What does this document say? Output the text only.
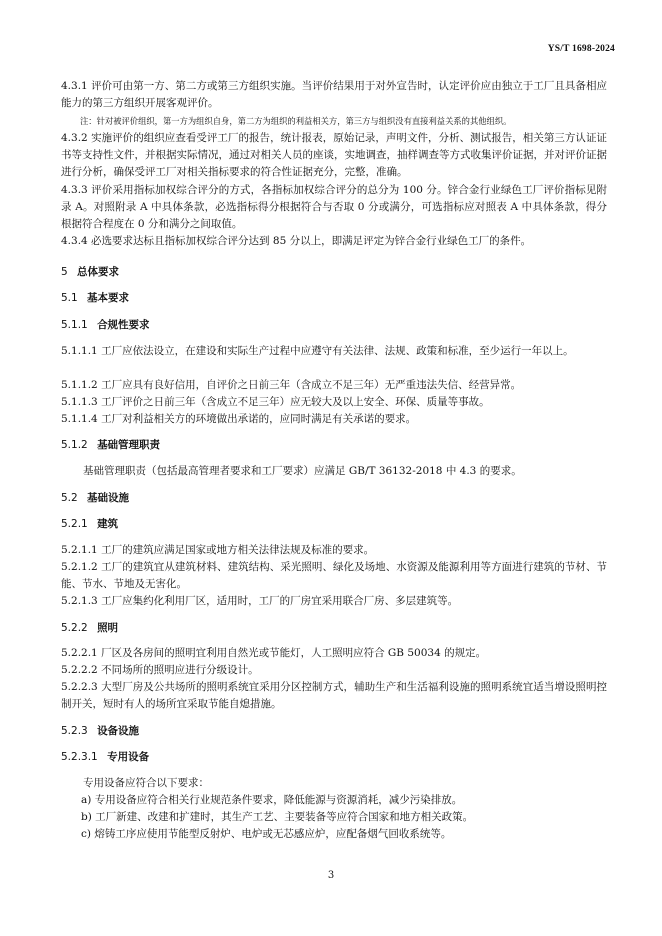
YS/T 1698-2024
4.3.1 评价可由第一方、第二方或第三方组织实施。当评价结果用于对外宣告时，认定评价应由独立于工厂且具备相应能力的第三方组织开展客观评价。
注：针对被评价组织，第一方为组织自身，第二方为组织的利益相关方，第三方与组织没有直接利益关系的其他组织。
4.3.2 实施评价的组织应查看受评工厂的报告，统计报表，原始记录，声明文件，分析、测试报告，相关第三方认证证书等支持性文件，并根据实际情况，通过对相关人员的座谈，实地调查，抽样调查等方式收集评价证据，并对评价证据进行分析，确保受评工厂对相关指标要求的符合性证据充分，完整，准确。
4.3.3 评价采用指标加权综合评分的方式，各指标加权综合评分的总分为 100 分。锌合金行业绿色工厂评价指标见附录 A。对照附录 A 中具体条款，必选指标得分根据符合与否取 0 分或满分，可选指标应对照表 A 中具体条款，得分根据符合程度在 0 分和满分之间取值。
4.3.4 必选要求达标且指标加权综合评分达到 85 分以上，即满足评定为锌合金行业绿色工厂的条件。
5 总体要求
5.1 基本要求
5.1.1 合规性要求
5.1.1.1 工厂应依法设立，在建设和实际生产过程中应遵守有关法律、法规、政策和标准，至少运行一年以上。
5.1.1.2 工厂应具有良好信用，自评价之日前三年（含成立不足三年）无严重违法失信、经营异常。
5.1.1.3 工厂评价之日前三年（含成立不足三年）应无较大及以上安全、环保、质量等事故。
5.1.1.4 工厂对利益相关方的环境做出承诺的，应同时满足有关承诺的要求。
5.1.2 基础管理职责
基础管理职责（包括最高管理者要求和工厂要求）应满足 GB/T 36132-2018 中 4.3 的要求。
5.2 基础设施
5.2.1 建筑
5.2.1.1 工厂的建筑应满足国家或地方相关法律法规及标准的要求。
5.2.1.2 工厂的建筑宜从建筑材料、建筑结构、采光照明、绿化及场地、水资源及能源利用等方面进行建筑的节材、节能、节水、节地及无害化。
5.2.1.3 工厂应集约化利用厂区，适用时，工厂的厂房宜采用联合厂房、多层建筑等。
5.2.2 照明
5.2.2.1 厂区及各房间的照明宜利用自然光或节能灯，人工照明应符合 GB 50034 的规定。
5.2.2.2 不同场所的照明应进行分级设计。
5.2.2.3 大型厂房及公共场所的照明系统宜采用分区控制方式，辅助生产和生活福利设施的照明系统宜适当增设照明控制开关，短时有人的场所宜采取节能自熄措施。
5.2.3 设备设施
5.2.3.1 专用设备
专用设备应符合以下要求：
a) 专用设备应符合相关行业规范条件要求，降低能源与资源消耗，减少污染排放。
b) 工厂新建、改建和扩建时，其生产工艺、主要装备等应符合国家和地方相关政策。
c) 熔铸工序应使用节能型反射炉、电炉或无芯感应炉，应配备烟气回收系统等。
3
